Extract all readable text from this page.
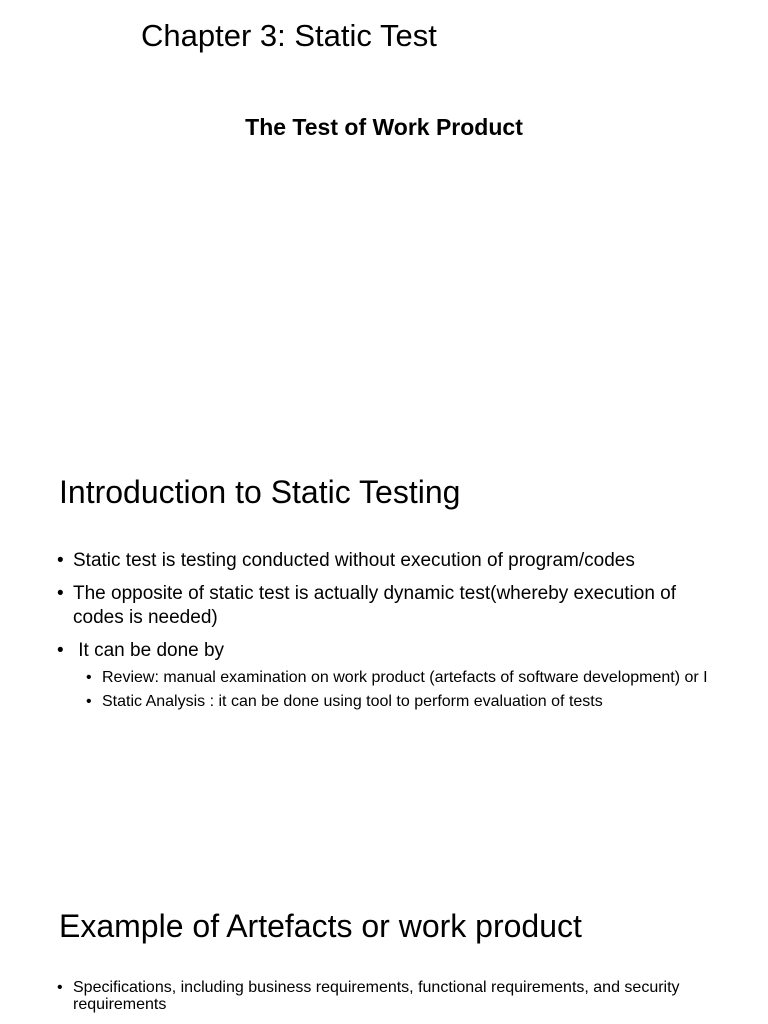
Chapter 3: Static Test
The Test of Work Product
Introduction to Static Testing
• Static test is testing conducted without execution of program/codes
• The opposite of static test is actually dynamic test(whereby execution of codes is needed)
• It can be done by
• Review: manual examination on work product (artefacts of software development) or I
• Static Analysis : it can be done using tool to perform evaluation of tests
Example of Artefacts or work product
• Specifications, including business requirements, functional requirements, and security requirements
